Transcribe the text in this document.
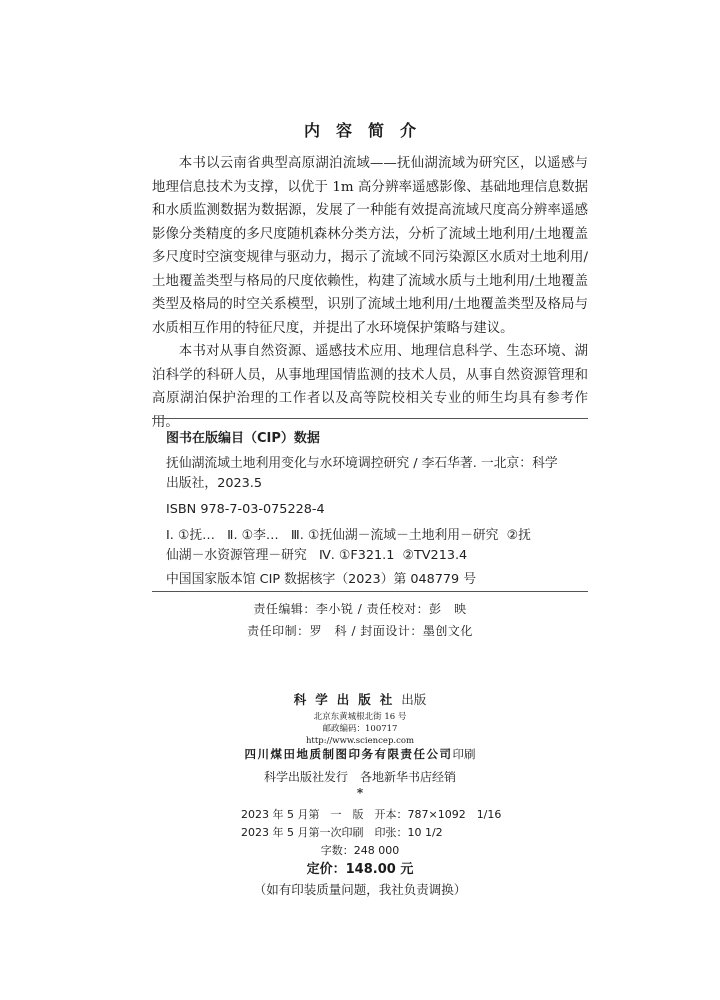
内 容 简 介

本书以云南省典型高原湖泊流域——抚仙湖流域为研究区，以遥感与地理信息技术为支撑，以优于 1m 高分辨率遥感影像、基础地理信息数据和水质监测数据为数据源，发展了一种能有效提高流域尺度高分辨率遥感影像分类精度的多尺度随机森林分类方法，分析了流域土地利用/土地覆盖多尺度时空演变规律与驱动力，揭示了流域不同污染源区水质对土地利用/土地覆盖类型与格局的尺度依赖性，构建了流域水质与土地利用/土地覆盖类型及格局的时空关系模型，识别了流域土地利用/土地覆盖类型及格局与水质相互作用的特征尺度，并提出了水环境保护策略与建议。

本书对从事自然资源、遥感技术应用、地理信息科学、生态环境、湖泊科学的科研人员，从事地理国情监测的技术人员，从事自然资源管理和高原湖泊保护治理的工作者以及高等院校相关专业的师生均具有参考作用。

图书在版编目（CIP）数据
抚仙湖流域土地利用变化与水环境调控研究 / 李石华著. 一北京：科学
出版社，2023.5
ISBN 978-7-03-075228-4
Ⅰ. ①抚…   Ⅱ. ①李…   Ⅲ. ①抚仙湖－流域－土地利用－研究  ②抚
仙湖－水资源管理－研究   Ⅳ. ①F321.1  ②TV213.4
中国国家版本馆 CIP 数据核字（2023）第 048779 号
责任编辑：李小锐 / 责任校对：彭　映
责任印制：罗　科 / 封面设计：墨创文化
科学出版社出版
北京东黄城根北街 16 号
邮政编码：100717
http://www.sciencep.com
四川煤田地质制图印务有限责任公司印刷
科学出版社发行　各地新华书店经销
*
2023 年 5 月第　一　版　开本：787×1092　1/16
2023 年 5 月第一次印刷　印张：10 1/2
字数：248 000
定价：148.00 元
（如有印装质量问题，我社负责调换）
